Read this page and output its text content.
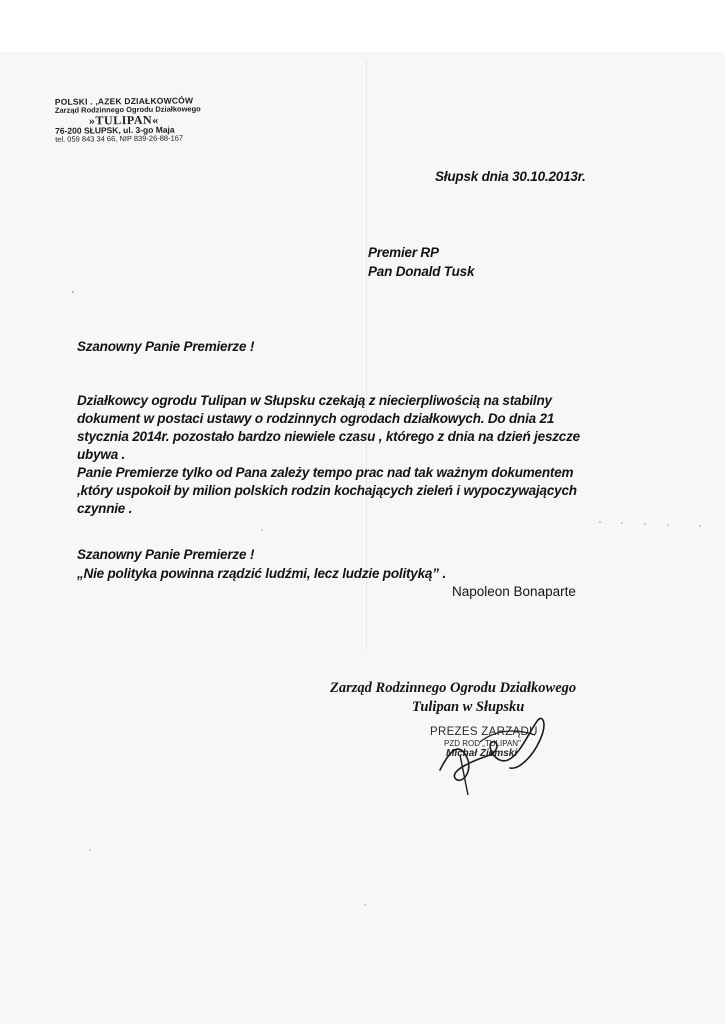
POLSKI . ,AZEK DZIAŁKOWCÓW
Zarząd Rodzinnego Ogrodu Działkowego
»TULIPAN«
76-200 SŁUPSK, ul. 3-go Maja
tel. 059 843 34 66, NIP 839-26-88-167
Słupsk dnia 30.10.2013r.
Premier RP
Pan Donald Tusk
Szanowny Panie Premierze !

Działkowcy ogrodu Tulipan w Słupsku czekają z niecierpliwością na stabilny

dokument w postaci ustawy o rodzinnych ogrodach działkowych. Do dnia 21

stycznia 2014r. pozostało bardzo niewiele czasu , którego z dnia na dzień jeszcze

ubywa .

Panie Premierze tylko od Pana zależy tempo prac nad tak ważnym dokumentem

,który uspokoił by milion polskich rodzin kochających zieleń i wypoczywających

czynnie .

Szanowny Panie Premierze !
„Nie polityka powinna rządzić ludźmi, lecz ludzie polityką” .
Napoleon Bonaparte
Zarząd Rodzinnego Ogrodu Działkowego
Tulipan w Słupsku
PREZES ZARZĄDU
PZD ROD „TULIPAN”
Michał Ziemski
